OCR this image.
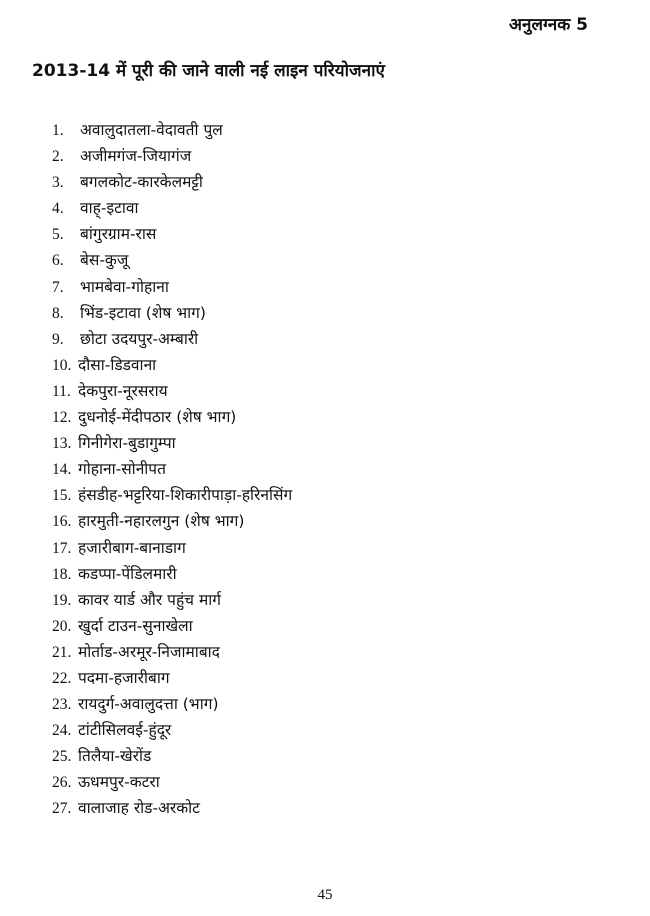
अनुलग्नक 5
2013-14 में पूरी की जाने वाली नई लाइन परियोजनाएं
1. अवालुदातला-वेदावती पुल
2. अजीमगंज-जियागंज
3. बगलकोट-कारकेलमट्टी
4. वाह्-इटावा
5. बांगुरग्राम-रास
6. बेस-कुजू
7. भामबेवा-गोहाना
8. भिंड-इटावा (शेष भाग)
9. छोटा उदयपुर-अम्बारी
10. दौसा-डिडवाना
11. देकपुरा-नूरसराय
12. दुधनोई-मेंदीपठार (शेष भाग)
13. गिनीगेरा-बुडागुम्पा
14. गोहाना-सोनीपत
15. हंसडीह-भट्टरिया-शिकारीपाड़ा-हरिनसिंग
16. हारमुती-नहारलगुन (शेष भाग)
17. हजारीबाग-बानाडाग
18. कडप्पा-पेंडिलमारी
19. कावर यार्ड और पहुंच मार्ग
20. खुर्दा टाउन-सुनाखेला
21. मोर्ताड-अरमूर-निजामाबाद
22. पदमा-हजारीबाग
23. रायदुर्ग-अवालुदत्ता (भाग)
24. टांटीसिलवई-हुंदूर
25. तिलैया-खेरोंड
26. ऊधमपुर-कटरा
27. वालाजाह रोड-अरकोट
45
